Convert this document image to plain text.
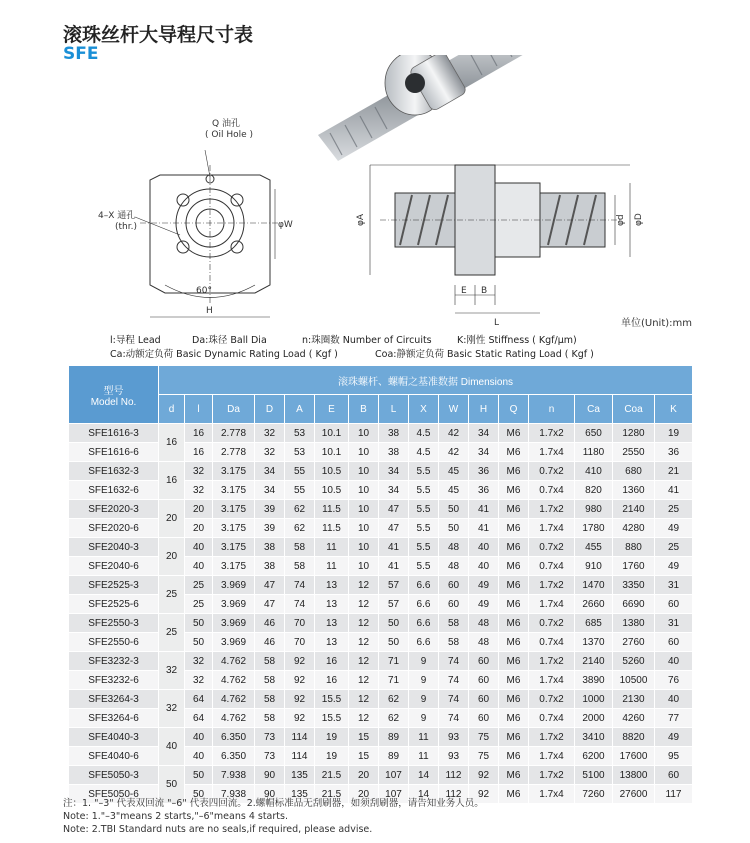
滚珠丝杆大导程尺寸表
SFE
Q 油孔
( Oil Hole )
4–X 通孔
(thr.)	φW
60°
H
φA	φd φD
E B
L	单位(Unit):mm
l:导程 Lead	Da:珠径 Ball Dia	n:珠圈数 Number of Circuits	K:刚性 Stiffness ( Kgf/μm)
Ca:动额定负荷 Basic Dynamic Rating Load ( Kgf )	Coa:静额定负荷 Basic Static Rating Load ( Kgf )
型号
Model No.	滚珠螺杆、螺帽之基准数据 Dimensions															
	d	l	Da	D	A	E	B	L	X	W	H	Q	n	Ca	Coa	K
SFE1616-3	16	16	2.778	32	53	10.1	10	38	4.5	42	34	M6	1.7x2	650	1280	19
SFE1616-6		16	2.778	32	53	10.1	10	38	4.5	42	34	M6	1.7x4	1180	2550	36
SFE1632-3	16	32	3.175	34	55	10.5	10	34	5.5	45	36	M6	0.7x2	410	680	21
SFE1632-6		32	3.175	34	55	10.5	10	34	5.5	45	36	M6	0.7x4	820	1360	41
SFE2020-3	20	20	3.175	39	62	11.5	10	47	5.5	50	41	M6	1.7x2	980	2140	25
SFE2020-6		20	3.175	39	62	11.5	10	47	5.5	50	41	M6	1.7x4	1780	4280	49
SFE2040-3	20	40	3.175	38	58	11	10	41	5.5	48	40	M6	0.7x2	455	880	25
SFE2040-6		40	3.175	38	58	11	10	41	5.5	48	40	M6	0.7x4	910	1760	49
SFE2525-3	25	25	3.969	47	74	13	12	57	6.6	60	49	M6	1.7x2	1470	3350	31
SFE2525-6		25	3.969	47	74	13	12	57	6.6	60	49	M6	1.7x4	2660	6690	60
SFE2550-3	25	50	3.969	46	70	13	12	50	6.6	58	48	M6	0.7x2	685	1380	31
SFE2550-6		50	3.969	46	70	13	12	50	6.6	58	48	M6	0.7x4	1370	2760	60
SFE3232-3	32	32	4.762	58	92	16	12	71	9	74	60	M6	1.7x2	2140	5260	40
SFE3232-6		32	4.762	58	92	16	12	71	9	74	60	M6	1.7x4	3890	10500	76
SFE3264-3	32	64	4.762	58	92	15.5	12	62	9	74	60	M6	0.7x2	1000	2130	40
SFE3264-6		64	4.762	58	92	15.5	12	62	9	74	60	M6	0.7x4	2000	4260	77
SFE4040-3	40	40	6.350	73	114	19	15	89	11	93	75	M6	1.7x2	3410	8820	49
SFE4040-6		40	6.350	73	114	19	15	89	11	93	75	M6	1.7x4	6200	17600	95
SFE5050-3	50	50	7.938	90	135	21.5	20	107	14	112	92	M6	1.7x2	5100	13800	60
SFE5050-6		50	7.938	90	135	21.5	20	107	14	112	92	M6	1.7x4	7260	27600	117
注：1. "–3" 代表双回流 "–6" 代表四回流。2.螺帽标准品无刮刷器，如须刮刷器，请告知业务人员。
Note: 1."–3"means 2 starts,"–6"means 4 starts.
Note: 2.TBI Standard nuts are no seals,if required, please advise.
